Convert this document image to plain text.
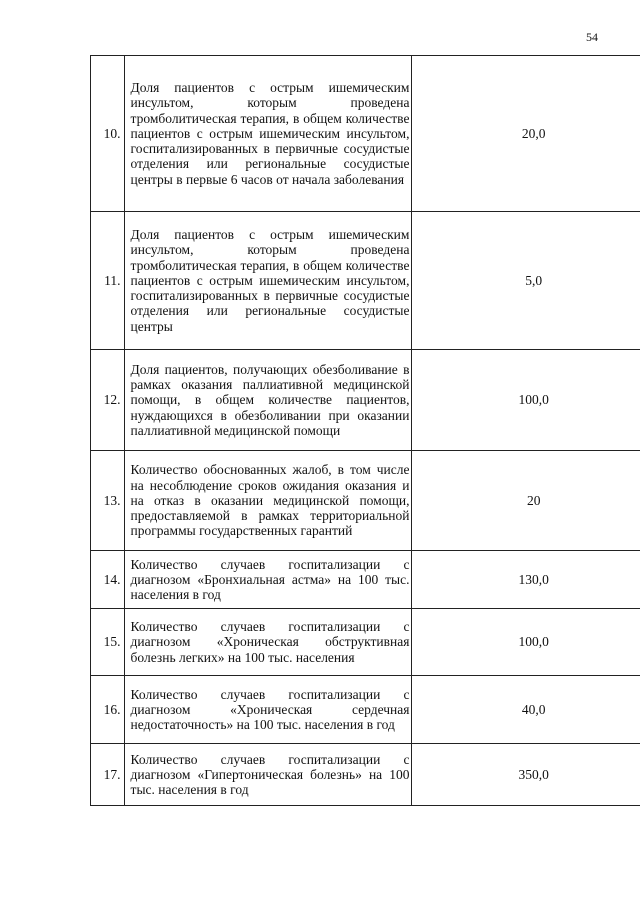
54
10.	Доля пациентов с острым ишемическим инсультом, которым проведена тромболитическая терапия, в общем количестве пациентов с острым ишемическим инсультом, госпитализированных в первичные сосудистые отделения или региональные сосудистые центры в первые 6 часов от начала заболевания	20,0
11.	Доля пациентов с острым ишемическим инсультом, которым проведена тромболитическая терапия, в общем количестве пациентов с острым ишемическим инсультом, госпитализированных в первичные сосудистые отделения или региональные сосудистые центры	5,0
12.	Доля пациентов, получающих обезболивание в рамках оказания паллиативной медицинской помощи, в общем количестве пациентов, нуждающихся в обезболивании при оказании паллиативной медицинской помощи	100,0
13.	Количество обоснованных жалоб, в том числе на несоблюдение сроков ожидания оказания и на отказ в оказании медицинской помощи, предоставляемой в рамках территориальной программы государственных гарантий	20
14.	Количество случаев госпитализации с диагнозом «Бронхиальная астма» на 100 тыс. населения в год	130,0
15.	Количество случаев госпитализации с диагнозом «Хроническая обструктивная болезнь легких» на 100 тыс. населения	100,0
16.	Количество случаев госпитализации с диагнозом «Хроническая сердечная недостаточность» на 100 тыс. населения в год	40,0
17.	Количество случаев госпитализации с диагнозом «Гипертоническая болезнь» на 100 тыс. населения в год	350,0
